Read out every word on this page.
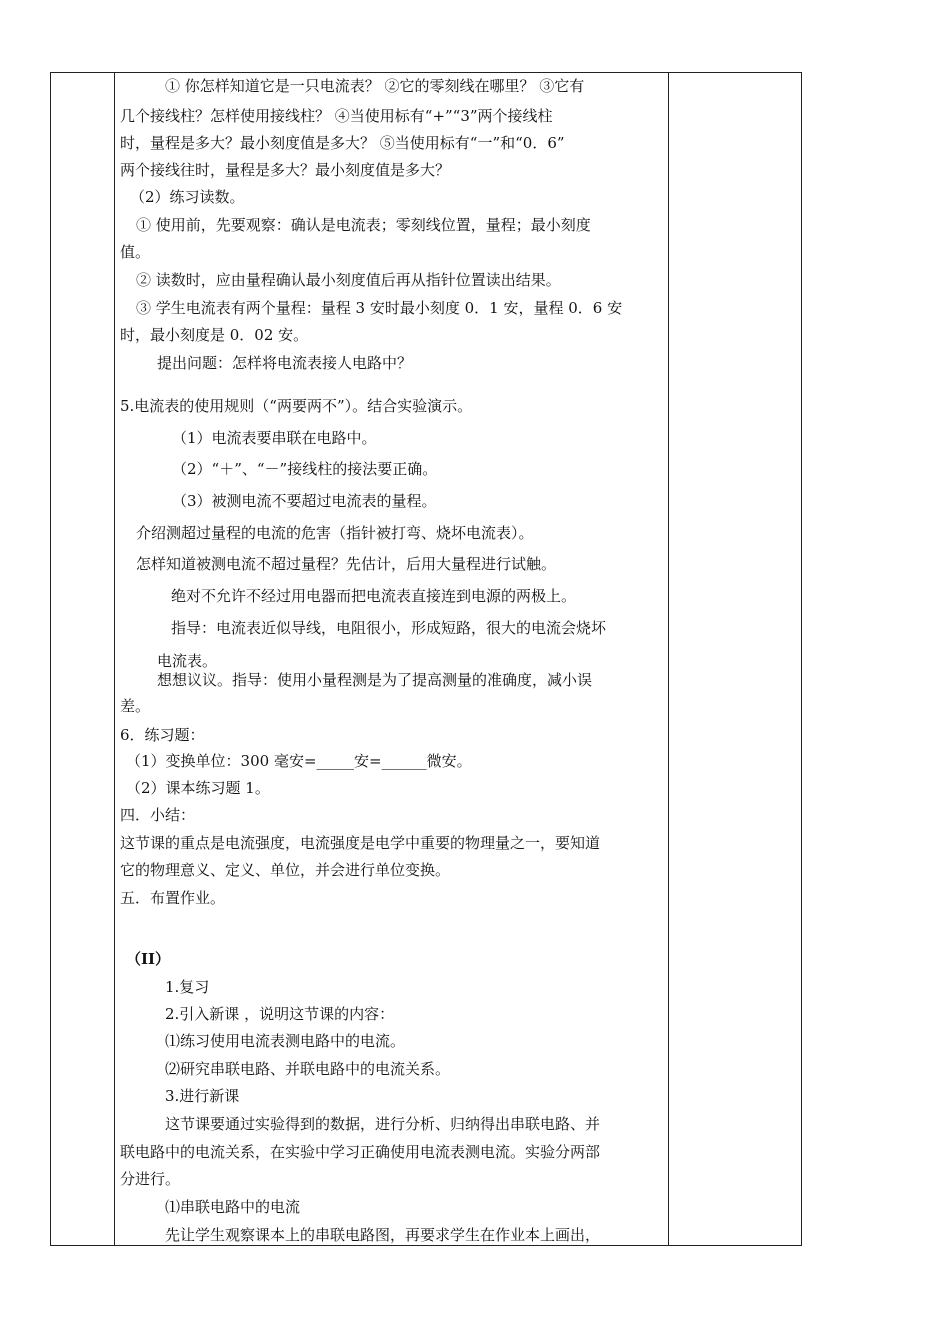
① 你怎样知道它是一只电流表？ ②它的零刻线在哪里？ ③它有
几个接线柱？怎样使用接线柱？ ④当使用标有“+”“3”两个接线柱
时，量程是多大？最小刻度值是多大？ ⑤当使用标有“一”和“0．6”
两个接线往时，量程是多大？最小刻度值是多大？
（2）练习读数。
① 使用前，先要观察：确认是电流表；零刻线位置，量程；最小刻度
值。
② 读数时，应由量程确认最小刻度值后再从指针位置读出结果。
③ 学生电流表有两个量程：量程 3 安时最小刻度 0．1 安，量程 0．6 安
时，最小刻度是 0．02 安。
提出问题：怎样将电流表接人电路中？
5.电流表的使用规则（“两要两不”）。结合实验演示。
（1）电流表要串联在电路中。
（2）“＋”、“－”接线柱的接法要正确。
（3）被测电流不要超过电流表的量程。
介绍测超过量程的电流的危害（指针被打弯、烧坏电流表）。
怎样知道被测电流不超过量程？先估计，后用大量程进行试触。
绝对不允许不经过用电器而把电流表直接连到电源的两极上。
指导：电流表近似导线，电阻很小，形成短路，很大的电流会烧坏
电流表。
想想议议。指导：使用小量程测是为了提高测量的准确度，减小误
差。
6．练习题：
（1）变换单位：300 毫安=_____安=______微安。
（2）课本练习题 1。
四．小结：
这节课的重点是电流强度，电流强度是电学中重要的物理量之一，要知道
它的物理意义、定义、单位，并会进行单位变换。
五．布置作业。
（II）
1.复习
2.引入新课 ，说明这节课的内容：
⑴练习使用电流表测电路中的电流。
⑵研究串联电路、并联电路中的电流关系。
3.进行新课
这节课要通过实验得到的数据，进行分析、归纳得出串联电路、并
联电路中的电流关系，在实验中学习正确使用电流表测电流。实验分两部
分进行。
⑴串联电路中的电流
先让学生观察课本上的串联电路图，再要求学生在作业本上画出，
